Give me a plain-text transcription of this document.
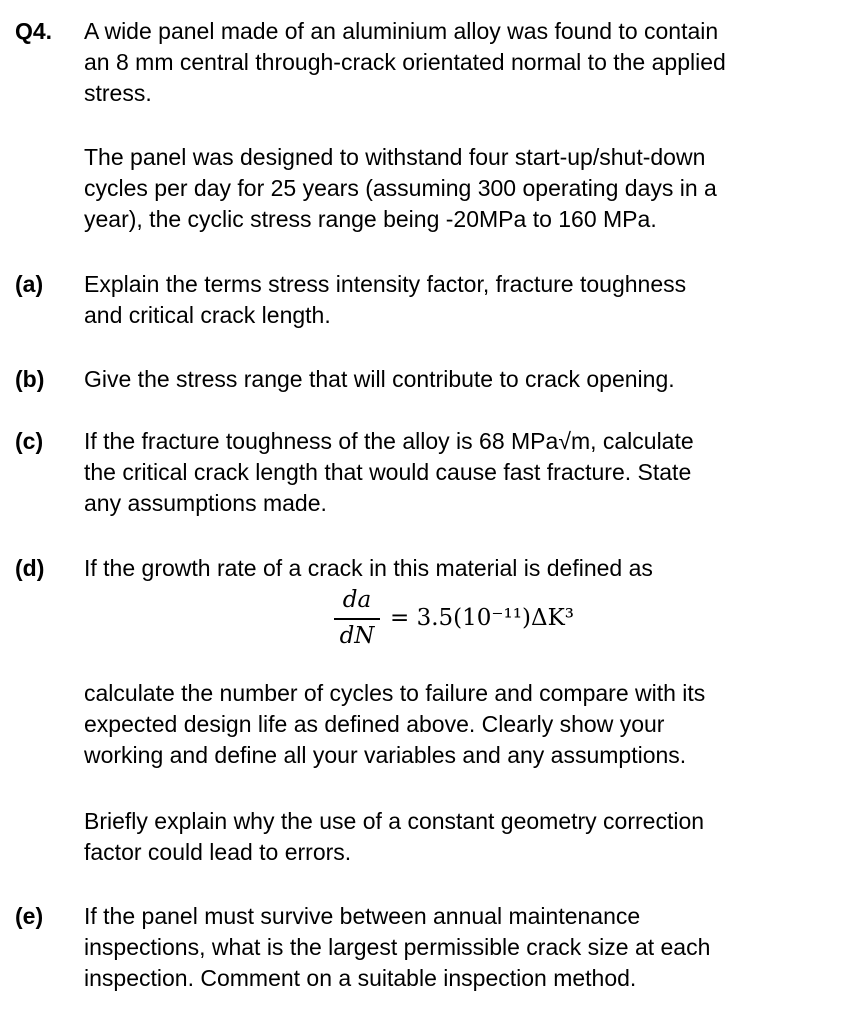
Q4. A wide panel made of an aluminium alloy was found to contain
an 8 mm central through-crack orientated normal to the applied
stress.
The panel was designed to withstand four start-up/shut-down
cycles per day for 25 years (assuming 300 operating days in a
year), the cyclic stress range being -20MPa to 160 MPa.
(a) Explain the terms stress intensity factor, fracture toughness
and critical crack length.
(b) Give the stress range that will contribute to crack opening.
(c) If the fracture toughness of the alloy is 68 MPa√m, calculate
the critical crack length that would cause fast fracture. State
any assumptions made.
(d) If the growth rate of a crack in this material is defined as
da
dN
= 3.5(10⁻¹¹)ΔK³
calculate the number of cycles to failure and compare with its
expected design life as defined above. Clearly show your
working and define all your variables and any assumptions.
Briefly explain why the use of a constant geometry correction
factor could lead to errors.
(e) If the panel must survive between annual maintenance
inspections, what is the largest permissible crack size at each
inspection. Comment on a suitable inspection method.
